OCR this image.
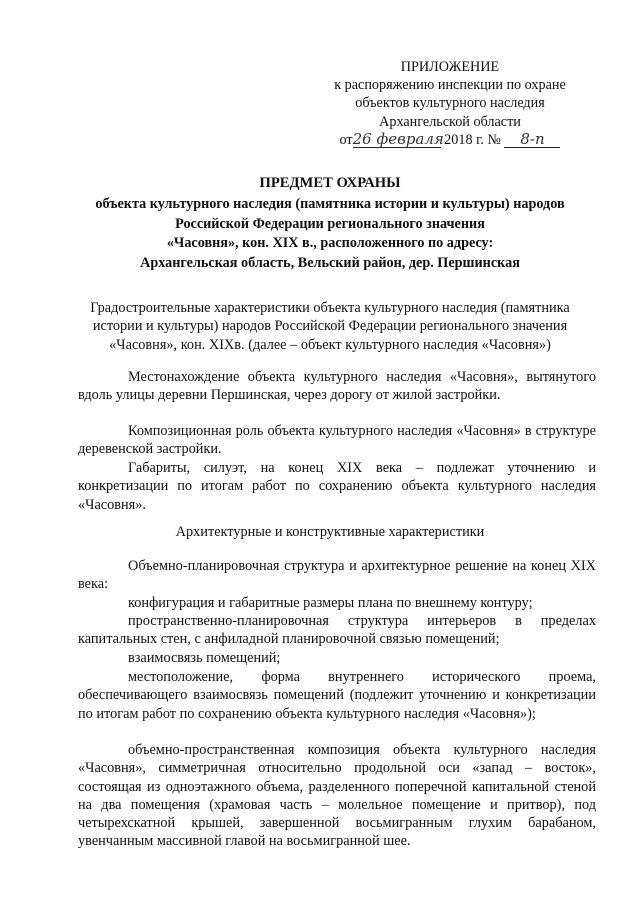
ПРИЛОЖЕНИЕ
к распоряжению инспекции по охране
объектов культурного наследия
Архангельской области
от26 февраля 2018 г. № 8-п
ПРЕДМЕТ ОХРАНЫ
объекта культурного наследия (памятника истории и культуры) народов
Российской Федерации регионального значения
«Часовня», кон. XIX в., расположенного по адресу:
Архангельская область, Вельский район, дер. Першинская
Градостроительные характеристики объекта культурного наследия (памятника
истории и культуры) народов Российской Федерации регионального значения
«Часовня», кон. XIXв. (далее – объект культурного наследия «Часовня»)
Местонахождение объекта культурного наследия «Часовня», вытянутого вдоль улицы деревни Першинская, через дорогу от жилой застройки.
Композиционная роль объекта культурного наследия «Часовня» в структуре деревенской застройки.
Габариты, силуэт, на конец XIX века – подлежат уточнению и конкретизации по итогам работ по сохранению объекта культурного наследия «Часовня».
Архитектурные и конструктивные характеристики
Объемно-планировочная структура и архитектурное решение на конец XIX века:
конфигурация и габаритные размеры плана по внешнему контуру;
пространственно-планировочная структура интерьеров в пределах капитальных стен, с анфиладной планировочной связью помещений;
взаимосвязь помещений;
местоположение, форма внутреннего исторического проема, обеспечивающего взаимосвязь помещений (подлежит уточнению и конкретизации по итогам работ по сохранению объекта культурного наследия «Часовня»);
объемно-пространственная композиция объекта культурного наследия «Часовня», симметричная относительно продольной оси «запад – восток», состоящая из одноэтажного объема, разделенного поперечной капитальной стеной на два помещения (храмовая часть – молельное помещение и притвор), под четырехскатной крышей, завершенной восьмигранным глухим барабаном, увенчанным массивной главой на восьмигранной шее.
